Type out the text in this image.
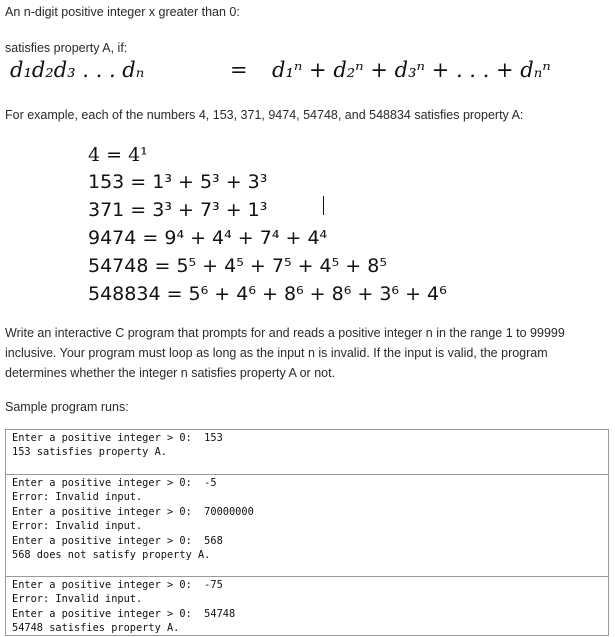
An n-digit positive integer x greater than 0:
satisfies property A, if:
d₁d₂d₃ . . . dₙ	= d₁ⁿ + d₂ⁿ + d₃ⁿ + . . . + dₙⁿ
For example, each of the numbers 4, 153, 371, 9474, 54748, and 548834 satisfies property A:
4 = 4¹
153 = 1³ + 5³ + 3³
371 = 3³ + 7³ + 1³
9474 = 9⁴ + 4⁴ + 7⁴ + 4⁴
54748 = 5⁵ + 4⁵ + 7⁵ + 4⁵ + 8⁵
548834 = 5⁶ + 4⁶ + 8⁶ + 8⁶ + 3⁶ + 4⁶
Write an interactive C program that prompts for and reads a positive integer n in the range 1 to 99999 inclusive. Your program must loop as long as the input n is invalid. If the input is valid, the program determines whether the integer n satisfies property A or not.
Sample program runs:
Enter a positive integer > 0:  153
153 satisfies property A.
Enter a positive integer > 0:  -5
Error: Invalid input.
Enter a positive integer > 0:  70000000
Error: Invalid input.
Enter a positive integer > 0:  568
568 does not satisfy property A.
Enter a positive integer > 0:  -75
Error: Invalid input.
Enter a positive integer > 0:  54748
54748 satisfies property A.
